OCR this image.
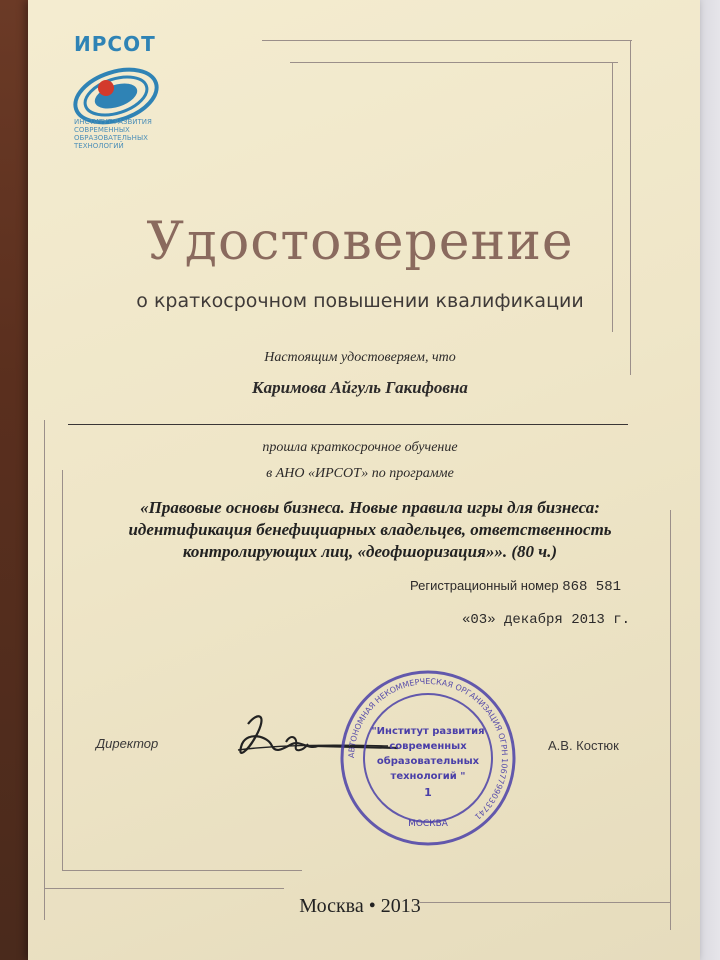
ИРСОТ
ИНСТИТУТ РАЗВИТИЯ СОВРЕМЕННЫХ ОБРАЗОВАТЕЛЬНЫХ ТЕХНОЛОГИЙ
Удостоверение
о краткосрочном повышении квалификации
Настоящим удостоверяем, что
Каримова Айгуль Гакифовна
прошла краткосрочное обучение
в АНО «ИРСОТ» по программе
«Правовые основы бизнеса. Новые правила игры для бизнеса:
идентификация бенефициарных владельцев, ответственность
контролирующих лиц, «деофшоризация»». (80 ч.)
Регистрационный номер 868 581
«03» декабря 2013 г.
Директор	А.В. Костюк
АВТОНОМНАЯ НЕКОММЕРЧЕСКАЯ ОРГАНИЗАЦИЯ ОГРН 1067799033741
"Институт развития
современных
образовательных
технологий "
1
МОСКВА
Москва • 2013
